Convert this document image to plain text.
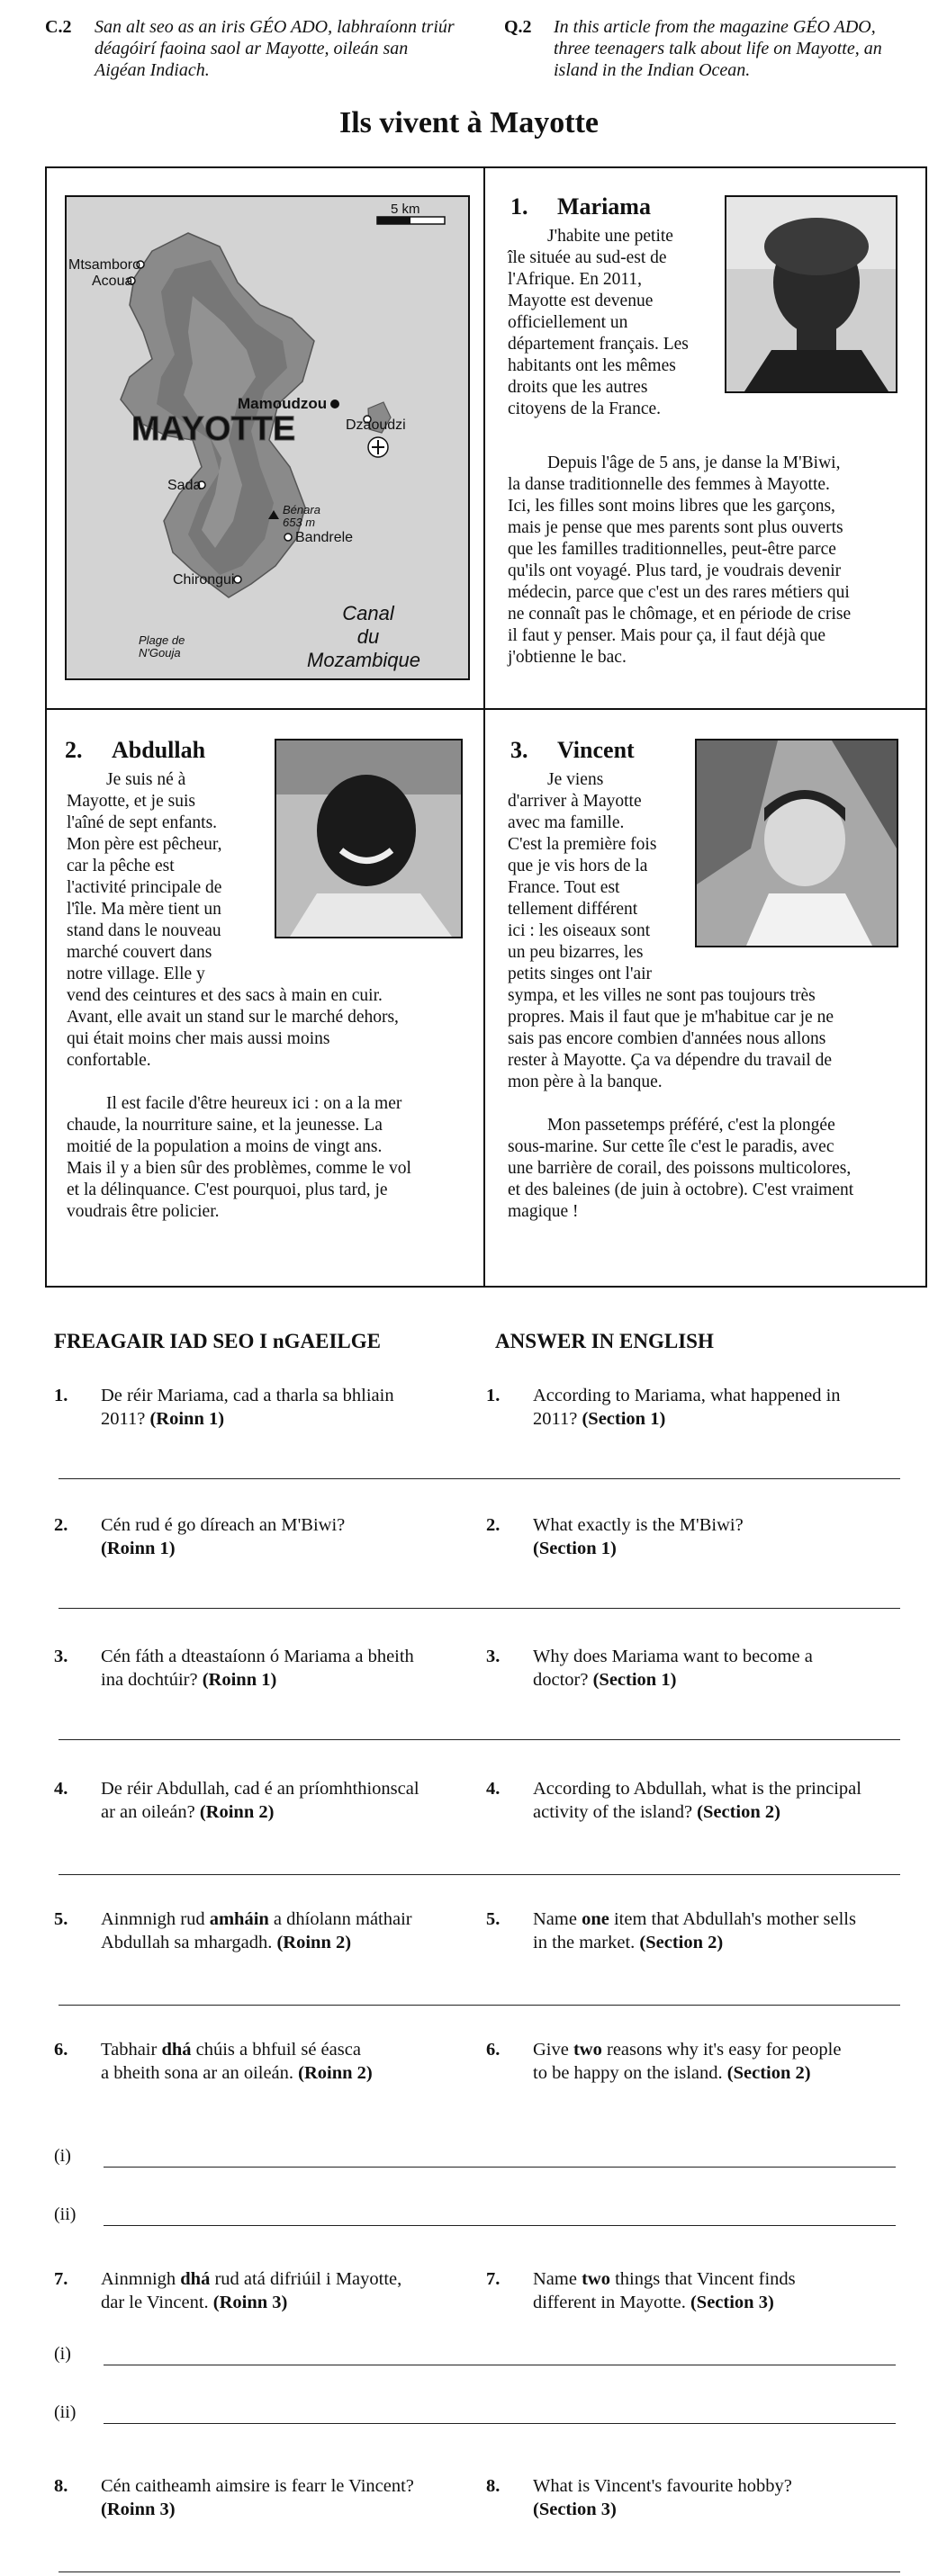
C.2 San alt seo as an iris GÉO ADO, labhraíonn triúr déagóirí faoina saol ar Mayotte, oileán san Aigéan Indiach.
Q.2 In this article from the magazine GÉO ADO, three teenagers talk about life on Mayotte, an island in the Indian Ocean.
Ils vivent à Mayotte
5 km
Mtsamboro
Acoua
Mamoudzou
Dzaoudzi
MAYOTTE
Sada
Bénara
653 m
Bandrele
Chirongui
Plage de
N'Gouja
Canal
du
Mozambique
1. Mariama

J'habite une petite
île située au sud-est de
l'Afrique. En 2011,
Mayotte est devenue
officiellement un
département français. Les
habitants ont les mêmes
droits que les autres
citoyens de la France.

Depuis l'âge de 5 ans, je danse la M'Biwi,
la danse traditionnelle des femmes à Mayotte.
Ici, les filles sont moins libres que les garçons,
mais je pense que mes parents sont plus ouverts
que les familles traditionnelles, peut-être parce
qu'ils ont voyagé. Plus tard, je voudrais devenir
médecin, parce que c'est un des rares métiers qui
ne connaît pas le chômage, et en période de crise
il faut y penser. Mais pour ça, il faut déjà que
j'obtienne le bac.

2. Abdullah

Je suis né à
Mayotte, et je suis
l'aîné de sept enfants.
Mon père est pêcheur,
car la pêche est
l'activité principale de
l'île. Ma mère tient un
stand dans le nouveau
marché couvert dans
notre village. Elle y

vend des ceintures et des sacs à main en cuir.
Avant, elle avait un stand sur le marché dehors,
qui était moins cher mais aussi moins
confortable.

Il est facile d'être heureux ici : on a la mer
chaude, la nourriture saine, et la jeunesse. La
moitié de la population a moins de vingt ans.
Mais il y a bien sûr des problèmes, comme le vol
et la délinquance. C'est pourquoi, plus tard, je
voudrais être policier.

3. Vincent

Je viens
d'arriver à Mayotte
avec ma famille.
C'est la première fois
que je vis hors de la
France. Tout est
tellement différent
ici : les oiseaux sont
un peu bizarres, les
petits singes ont l'air

sympa, et les villes ne sont pas toujours très
propres. Mais il faut que je m'habitue car je ne
sais pas encore combien d'années nous allons
rester à Mayotte. Ça va dépendre du travail de
mon père à la banque.

Mon passetemps préféré, c'est la plongée
sous-marine. Sur cette île c'est le paradis, avec
une barrière de corail, des poissons multicolores,
et des baleines (de juin à octobre). C'est vraiment
magique !

FREAGAIR IAD SEO I nGAEILGE	ANSWER IN ENGLISH
1. De réir Mariama, cad a tharla sa bhliain
2011? (Roinn 1)
1. According to Mariama, what happened in
2011? (Section 1)
2. Cén rud é go díreach an M'Biwi?
(Roinn 1)
2. What exactly is the M'Biwi?
(Section 1)
3. Cén fáth a dteastaíonn ó Mariama a bheith
ina dochtúir? (Roinn 1)
3. Why does Mariama want to become a
doctor? (Section 1)
4. De réir Abdullah, cad é an príomhthionscal
ar an oileán? (Roinn 2)
4. According to Abdullah, what is the principal
activity of the island? (Section 2)
5. Ainmnigh rud amháin a dhíolann máthair
Abdullah sa mhargadh. (Roinn 2)
5. Name one item that Abdullah's mother sells
in the market. (Section 2)
6. Tabhair dhá chúis a bhfuil sé éasca
a bheith sona ar an oileán. (Roinn 2)
6. Give two reasons why it's easy for people
to be happy on the island. (Section 2)
7. Ainmnigh dhá rud atá difriúil i Mayotte,
dar le Vincent. (Roinn 3)
7. Name two things that Vincent finds
different in Mayotte. (Section 3)
8. Cén caitheamh aimsire is fearr le Vincent?
(Roinn 3)
8. What is Vincent's favourite hobby?
(Section 3)
(i)
(ii)
(i)
(ii)
